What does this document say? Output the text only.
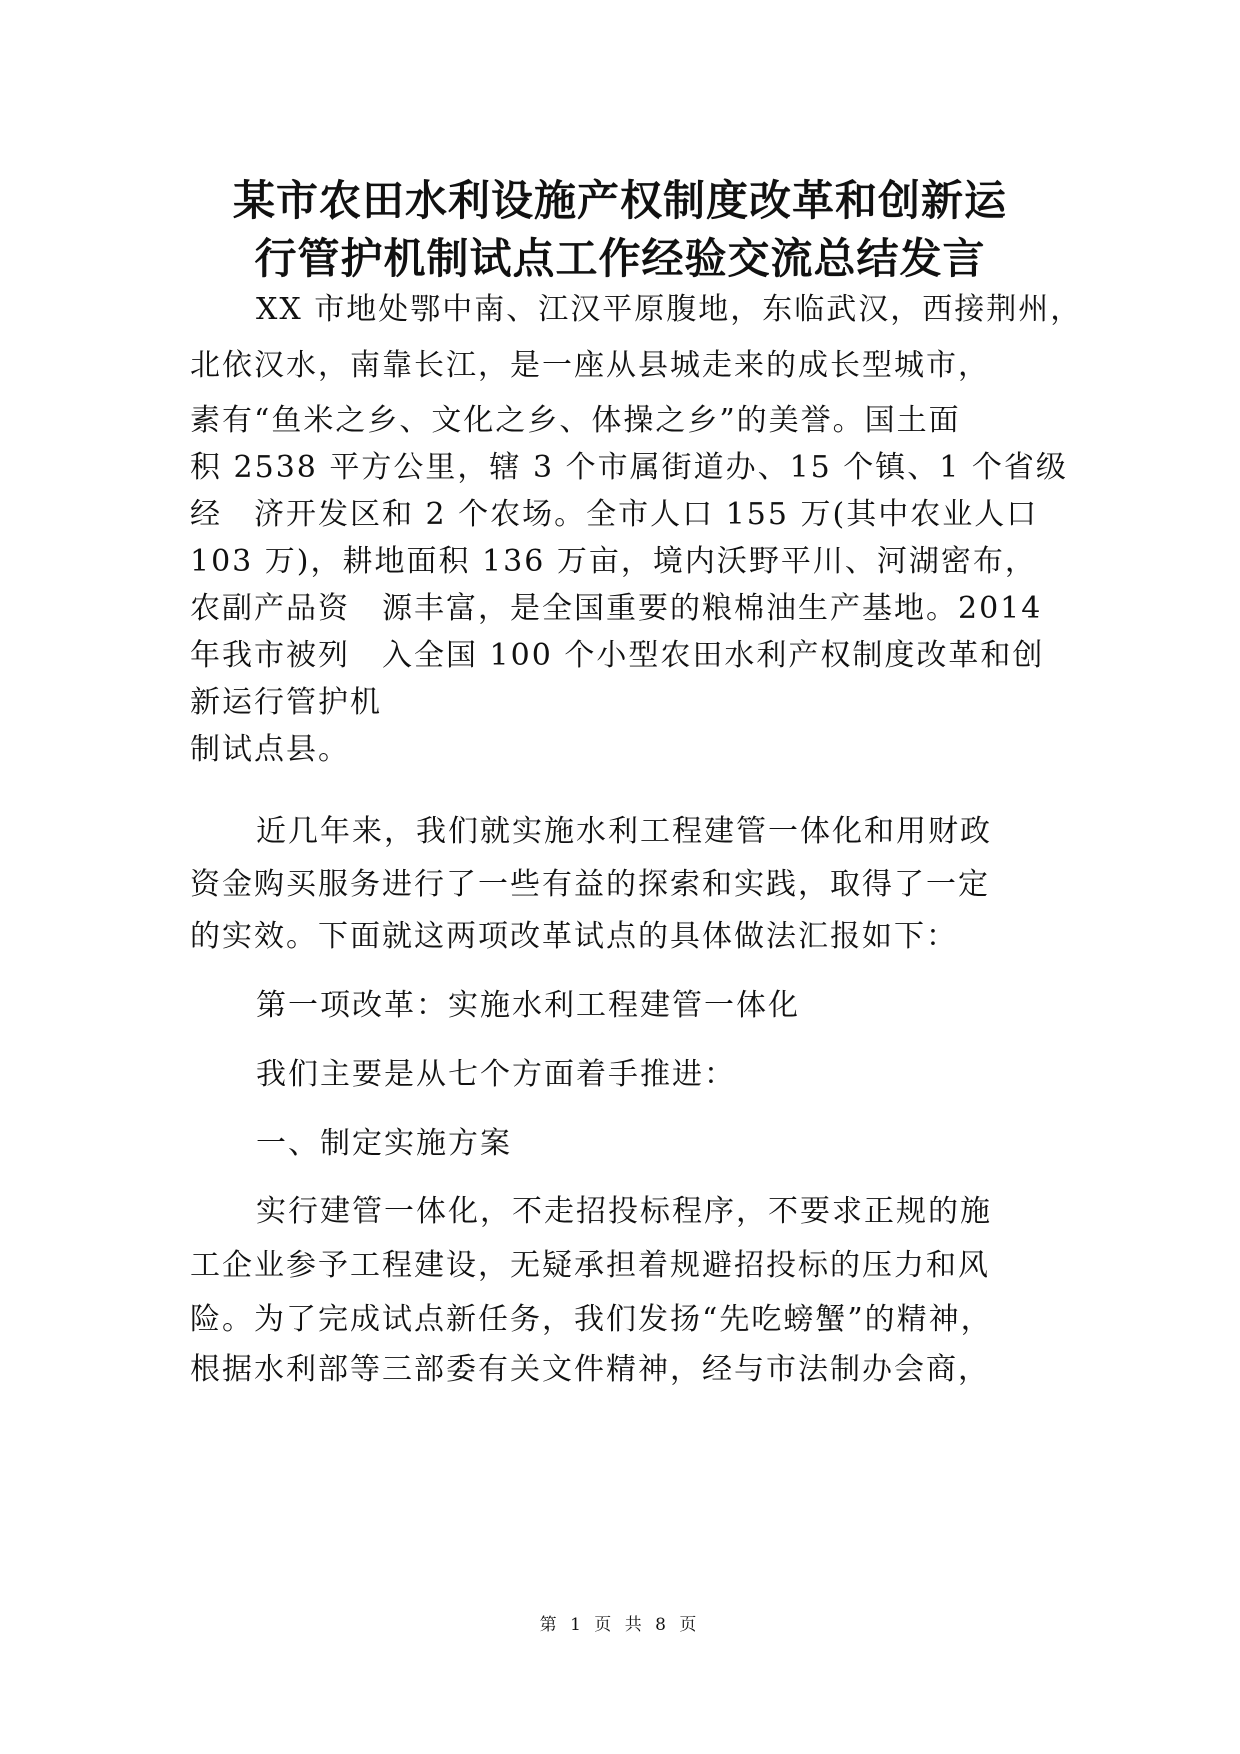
某市农田水利设施产权制度改革和创新运
行管护机制试点工作经验交流总结发言

XX 市地处鄂中南、江汉平原腹地，东临武汉，西接荆州，

北依汉水，南靠长江，是一座从县城走来的成长型城市，

素有“鱼米之乡、文化之乡、体操之乡”的美誉。国土面

积 2538 平方公里，辖 3 个市属街道办、15 个镇、1 个省级

经　济开发区和 2 个农场。全市人口 155 万(其中农业人口

103 万)，耕地面积 136 万亩，境内沃野平川、河湖密布，

农副产品资　源丰富，是全国重要的粮棉油生产基地。2014

年我市被列　入全国 100 个小型农田水利产权制度改革和创

新运行管护机

制试点县。

近几年来，我们就实施水利工程建管一体化和用财政

资金购买服务进行了一些有益的探索和实践，取得了一定

的实效。下面就这两项改革试点的具体做法汇报如下：

第一项改革：实施水利工程建管一体化

我们主要是从七个方面着手推进：

一、制定实施方案

实行建管一体化，不走招投标程序，不要求正规的施

工企业参予工程建设，无疑承担着规避招投标的压力和风

险。为了完成试点新任务，我们发扬“先吃螃蟹”的精神，

根据水利部等三部委有关文件精神，经与市法制办会商，

第 1 页 共 8 页
